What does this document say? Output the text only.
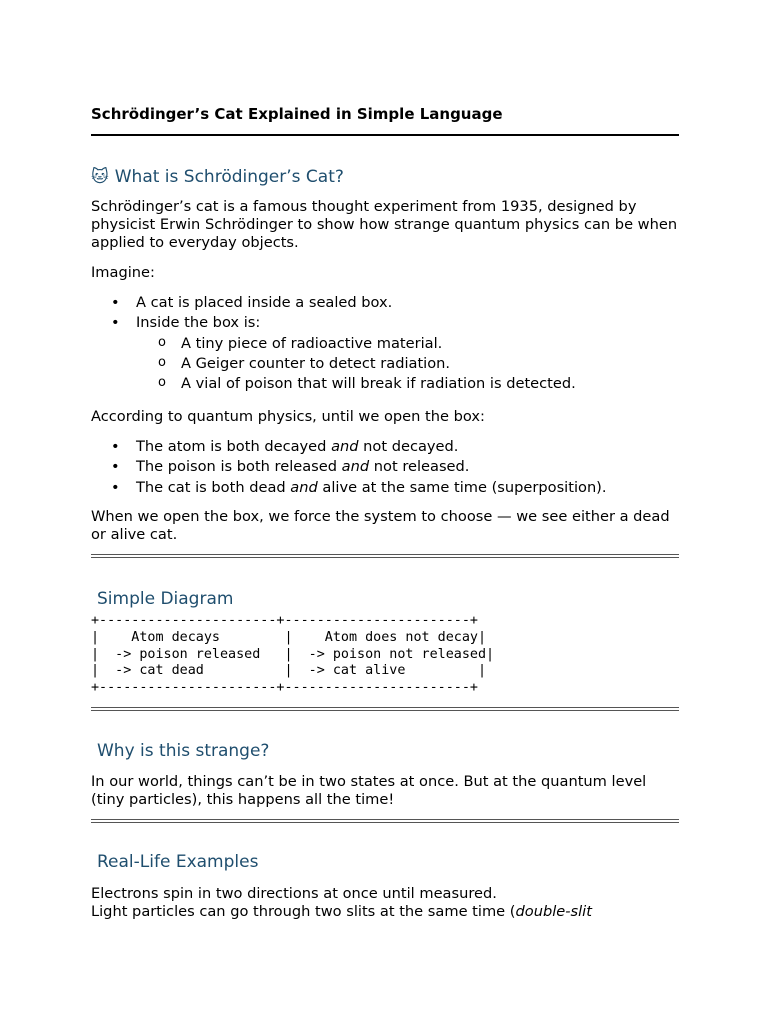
Schrödinger’s Cat Explained in Simple Language
🐱 What is Schrödinger’s Cat?
Schrödinger’s cat is a famous thought experiment from 1935, designed by physicist Erwin Schrödinger to show how strange quantum physics can be when applied to everyday objects.
Imagine:
• A cat is placed inside a sealed box.
• Inside the box is:
o A tiny piece of radioactive material.
o A Geiger counter to detect radiation.
o A vial of poison that will break if radiation is detected.
According to quantum physics, until we open the box:
• The atom is both decayed and not decayed.
• The poison is both released and not released.
• The cat is both dead and alive at the same time (superposition).
When we open the box, we force the system to choose — we see either a dead or alive cat.
Simple Diagram
+----------------------+-----------------------+
|    Atom decays        |    Atom does not decay|
|  -> poison released   |  -> poison not released|
|  -> cat dead          |  -> cat alive         |
+----------------------+-----------------------+
Why is this strange?
In our world, things can’t be in two states at once. But at the quantum level (tiny particles), this happens all the time!
Real-Life Examples
Electrons spin in two directions at once until measured.
Light particles can go through two slits at the same time (double-slit
